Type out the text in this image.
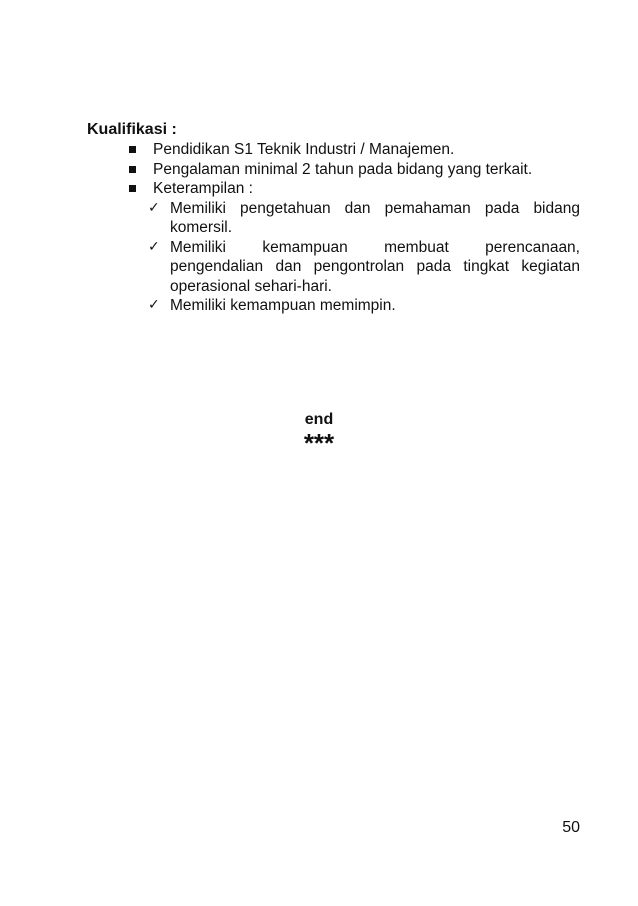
Kualifikasi :
Pendidikan S1 Teknik Industri / Manajemen.
Pengalaman minimal 2 tahun pada bidang yang terkait.
Keterampilan :
✓ Memiliki pengetahuan dan pemahaman pada bidang komersil.
✓ Memiliki kemampuan membuat perencanaan, pengendalian dan pengontrolan pada tingkat kegiatan operasional sehari-hari.
✓ Memiliki kemampuan memimpin.
end
***
50
